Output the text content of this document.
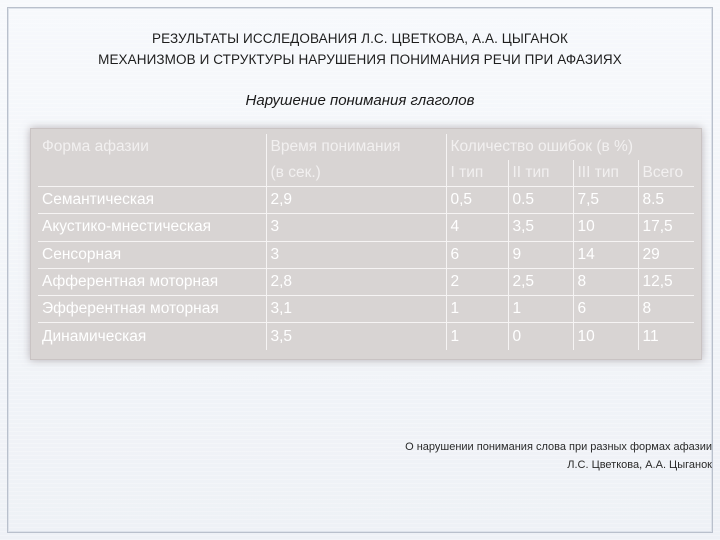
РЕЗУЛЬТАТЫ ИССЛЕДОВАНИЯ Л.С. ЦВЕТКОВА, А.А. ЦЫГАНОК
МЕХАНИЗМОВ И СТРУКТУРЫ НАРУШЕНИЯ ПОНИМАНИЯ РЕЧИ ПРИ АФАЗИЯХ
Нарушение понимания глаголов
Форма афазии	Время понимания	Количество ошибок (в %)			
	(в сек.)	I тип	II тип	III тип	Всего
Семантическая	2,9	0,5	0.5	7,5	8.5
Акустико-мнестическая	3	4	3,5	10	17,5
Сенсорная	3	6	9	14	29
Афферентная моторная	2,8	2	2,5	8	12,5
Эфферентная моторная	3,1	1	1	6	8
Динамическая	3,5	1	0	10	11
О нарушении понимания слова при разных формах афазии
Л.С. Цветкова, А.А. Цыганок
